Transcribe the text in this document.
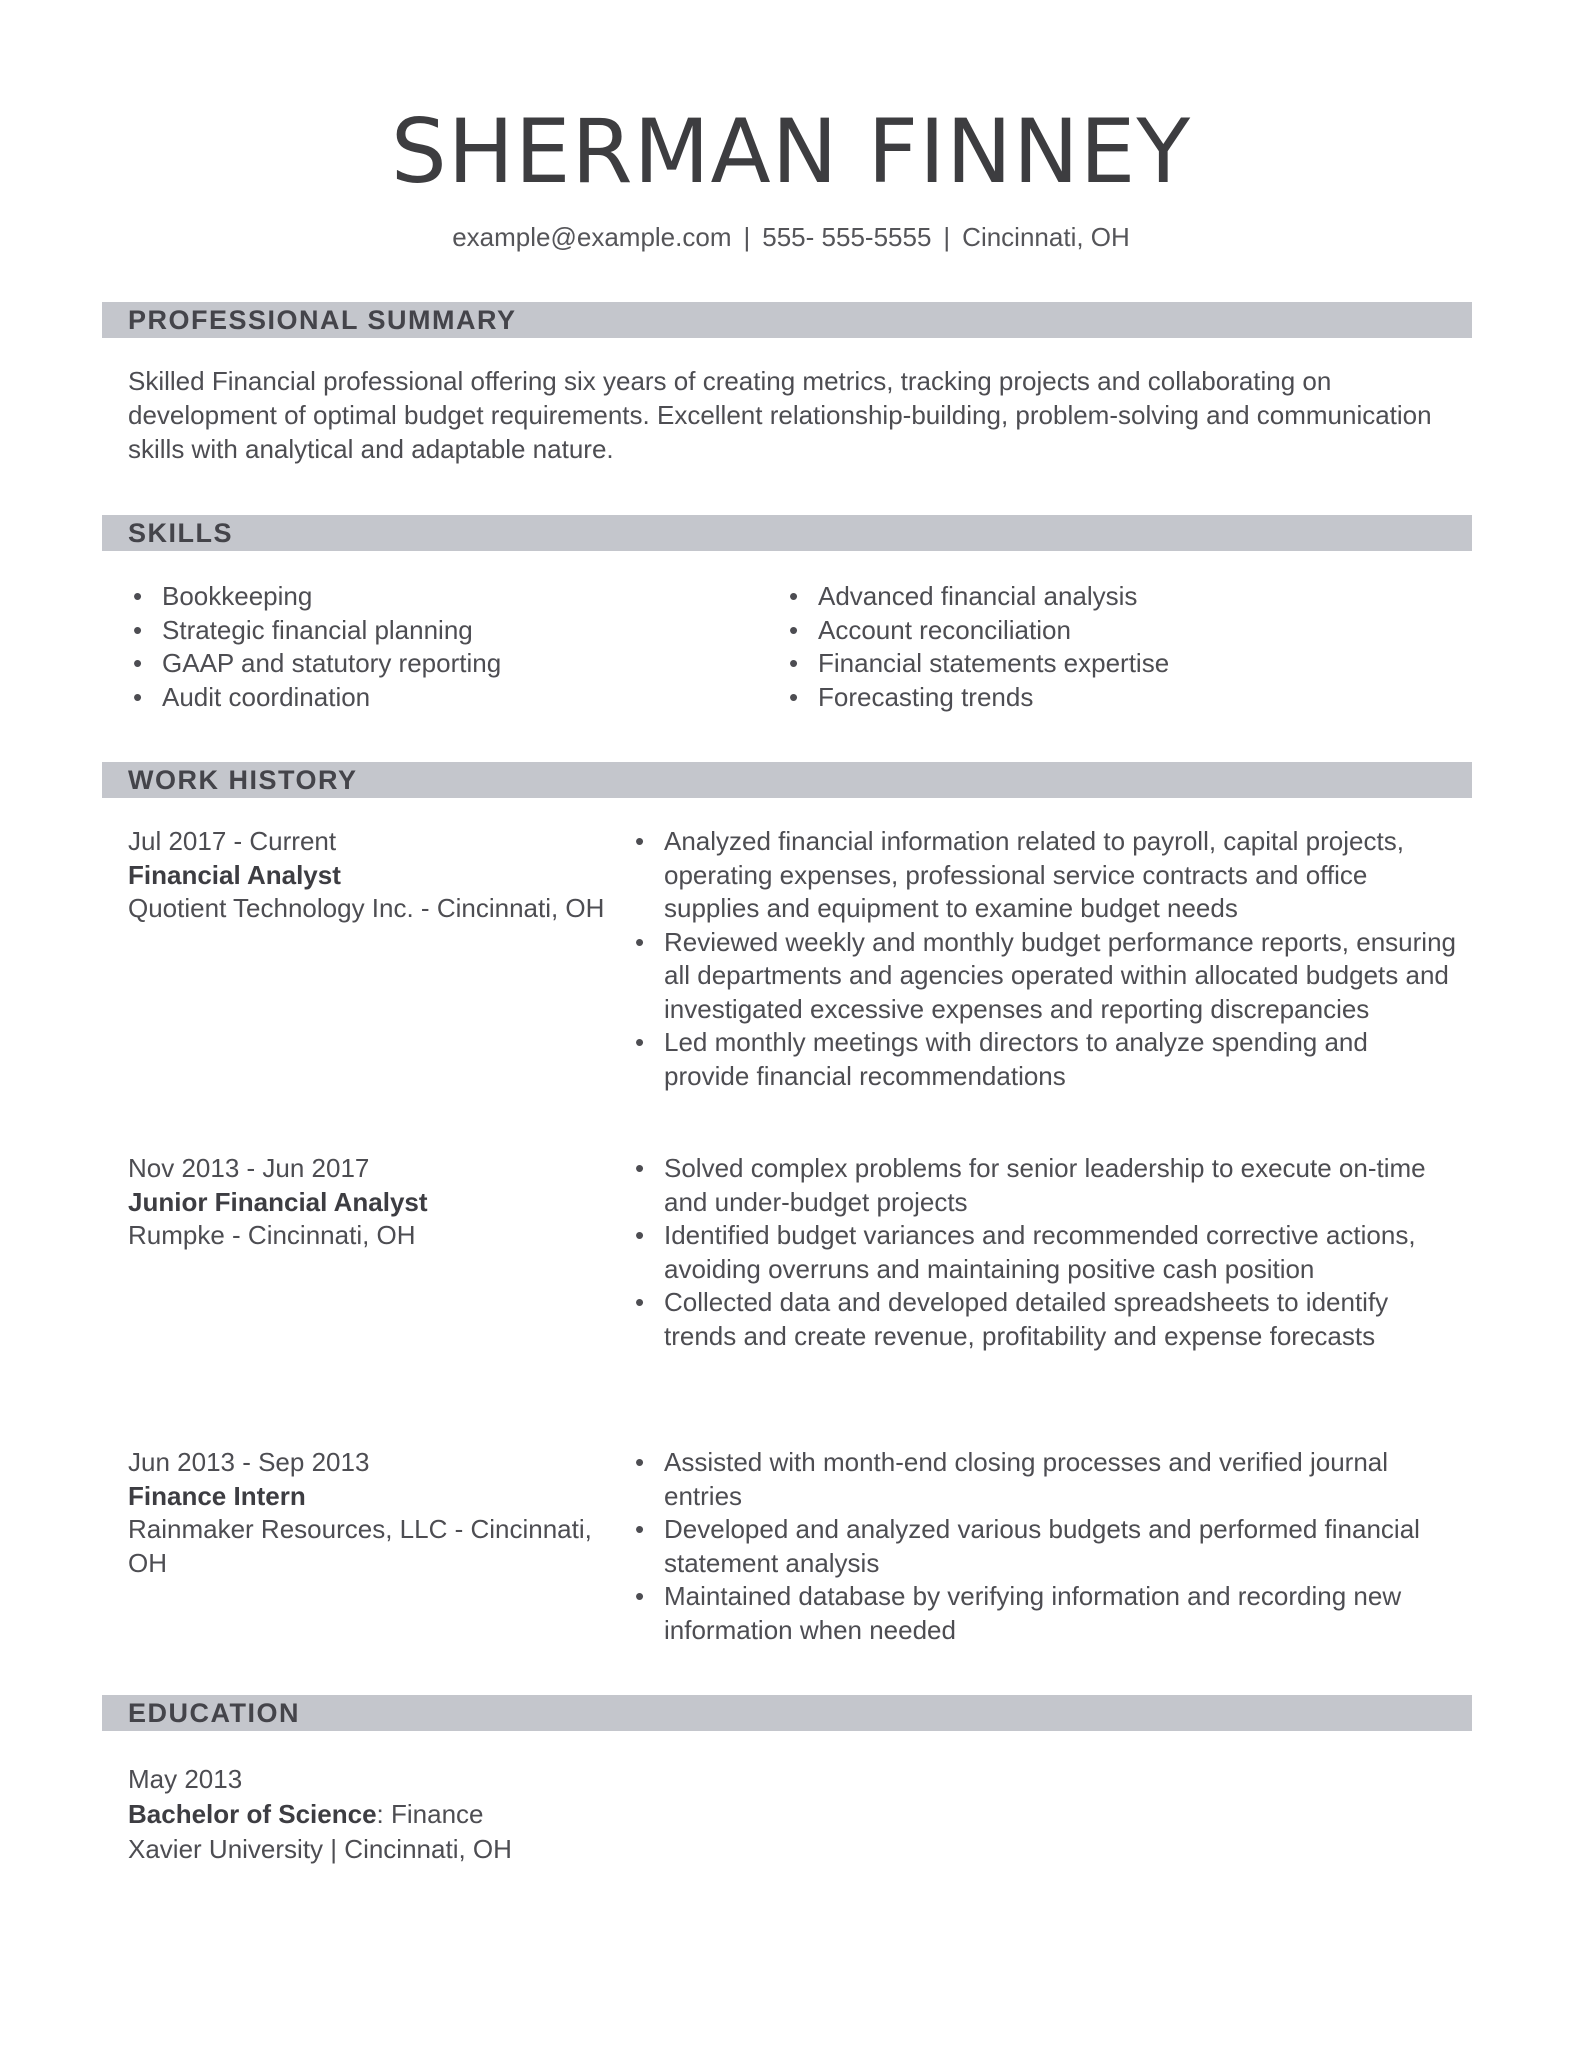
SHERMAN FINNEY
example@example.com | 555- 555-5555 | Cincinnati, OH
PROFESSIONAL SUMMARY

Skilled Financial professional offering six years of creating metrics, tracking projects and collaborating on development of optimal budget requirements. Excellent relationship-building, problem-solving and communication skills with analytical and adaptable nature.

SKILLS
• Bookkeeping
• Strategic financial planning
• GAAP and statutory reporting
• Audit coordination
• Advanced financial analysis
• Account reconciliation
• Financial statements expertise
• Forecasting trends
WORK HISTORY
Jul 2017 - Current
Financial Analyst
Quotient Technology Inc. - Cincinnati, OH
• Analyzed financial information related to payroll, capital projects, operating expenses, professional service contracts and office supplies and equipment to examine budget needs
• Reviewed weekly and monthly budget performance reports, ensuring all departments and agencies operated within allocated budgets and investigated excessive expenses and reporting discrepancies
• Led monthly meetings with directors to analyze spending and provide financial recommendations
Nov 2013 - Jun 2017
Junior Financial Analyst
Rumpke - Cincinnati, OH
• Solved complex problems for senior leadership to execute on-time and under-budget projects
• Identified budget variances and recommended corrective actions, avoiding overruns and maintaining positive cash position
• Collected data and developed detailed spreadsheets to identify trends and create revenue, profitability and expense forecasts
Jun 2013 - Sep 2013
Finance Intern
Rainmaker Resources, LLC - Cincinnati, OH
• Assisted with month-end closing processes and verified journal entries
• Developed and analyzed various budgets and performed financial statement analysis
• Maintained database by verifying information and recording new information when needed
EDUCATION
May 2013
Bachelor of Science: Finance
Xavier University | Cincinnati, OH
